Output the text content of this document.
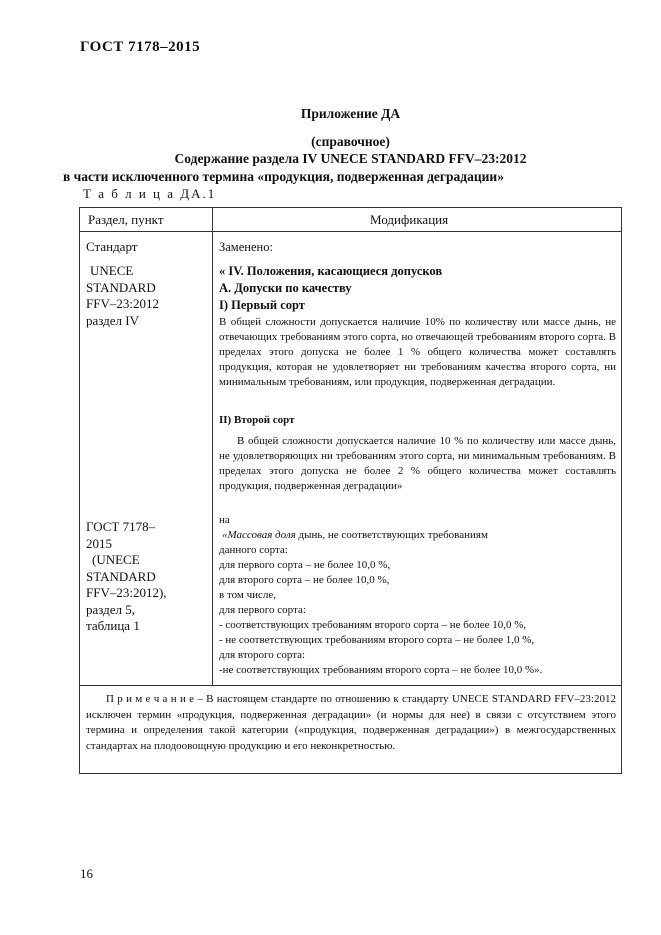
ГОСТ 7178–2015
Приложение ДА
(справочное)
Содержание раздела IV UNECE STANDARD FFV–23:2012
в части исключенного термина «продукция, подверженная деградации»
Т а б л и ц а ДА.1
Раздел, пункт	Модификация
Стандарт	Заменено:
UNECE
STANDARD
FFV–23:2012
раздел IV
« IV. Положения, касающиеся допусков
А. Допуски по качеству
I) Первый сорт
В общей сложности допускается наличие 10% по количеству или массе дынь, не отвечающих требованиям этого сорта, но отвечающей требованиям второго сорта. В пределах этого допуска не более 1 % общего количества может составлять продукция, которая не удовлетворяет ни требованиям качества второго сорта, ни минимальным требованиям, или продукция, подверженная деградации.
II) Второй сорт
В общей сложности допускается наличие 10 % по количеству или массе дынь, не удовлетворяющих ни требованиям этого сорта, ни минимальным требованиям. В пределах этого допуска не более 2 % общего количества может составлять продукция, подверженная деградации»
ГОСТ 7178–
2015
(UNECE
STANDARD
FFV–23:2012),
раздел 5,
таблица 1
на
«Массовая доля дынь, не соответствующих требованиям
данного сорта:
для первого сорта – не более 10,0 %,
для второго сорта – не более 10,0 %,
в том числе,
для первого сорта:
- соответствующих требованиям второго сорта – не более 10,0 %,
- не соответствующих требованиям второго сорта – не более 1,0 %,
для второго сорта:
-не соответствующих требованиям второго сорта – не более 10,0 %».
П р и м е ч а н и е – В настоящем стандарте по отношению к стандарту UNECE STANDARD FFV–23:2012 исключен термин «продукция, подверженная деградации» (и нормы для нее) в связи с отсутствием этого термина и определения такой категории («продукция, подверженная деградации») в межгосударственных стандартах на плодоовощную продукцию и его неконкретностью.
16
